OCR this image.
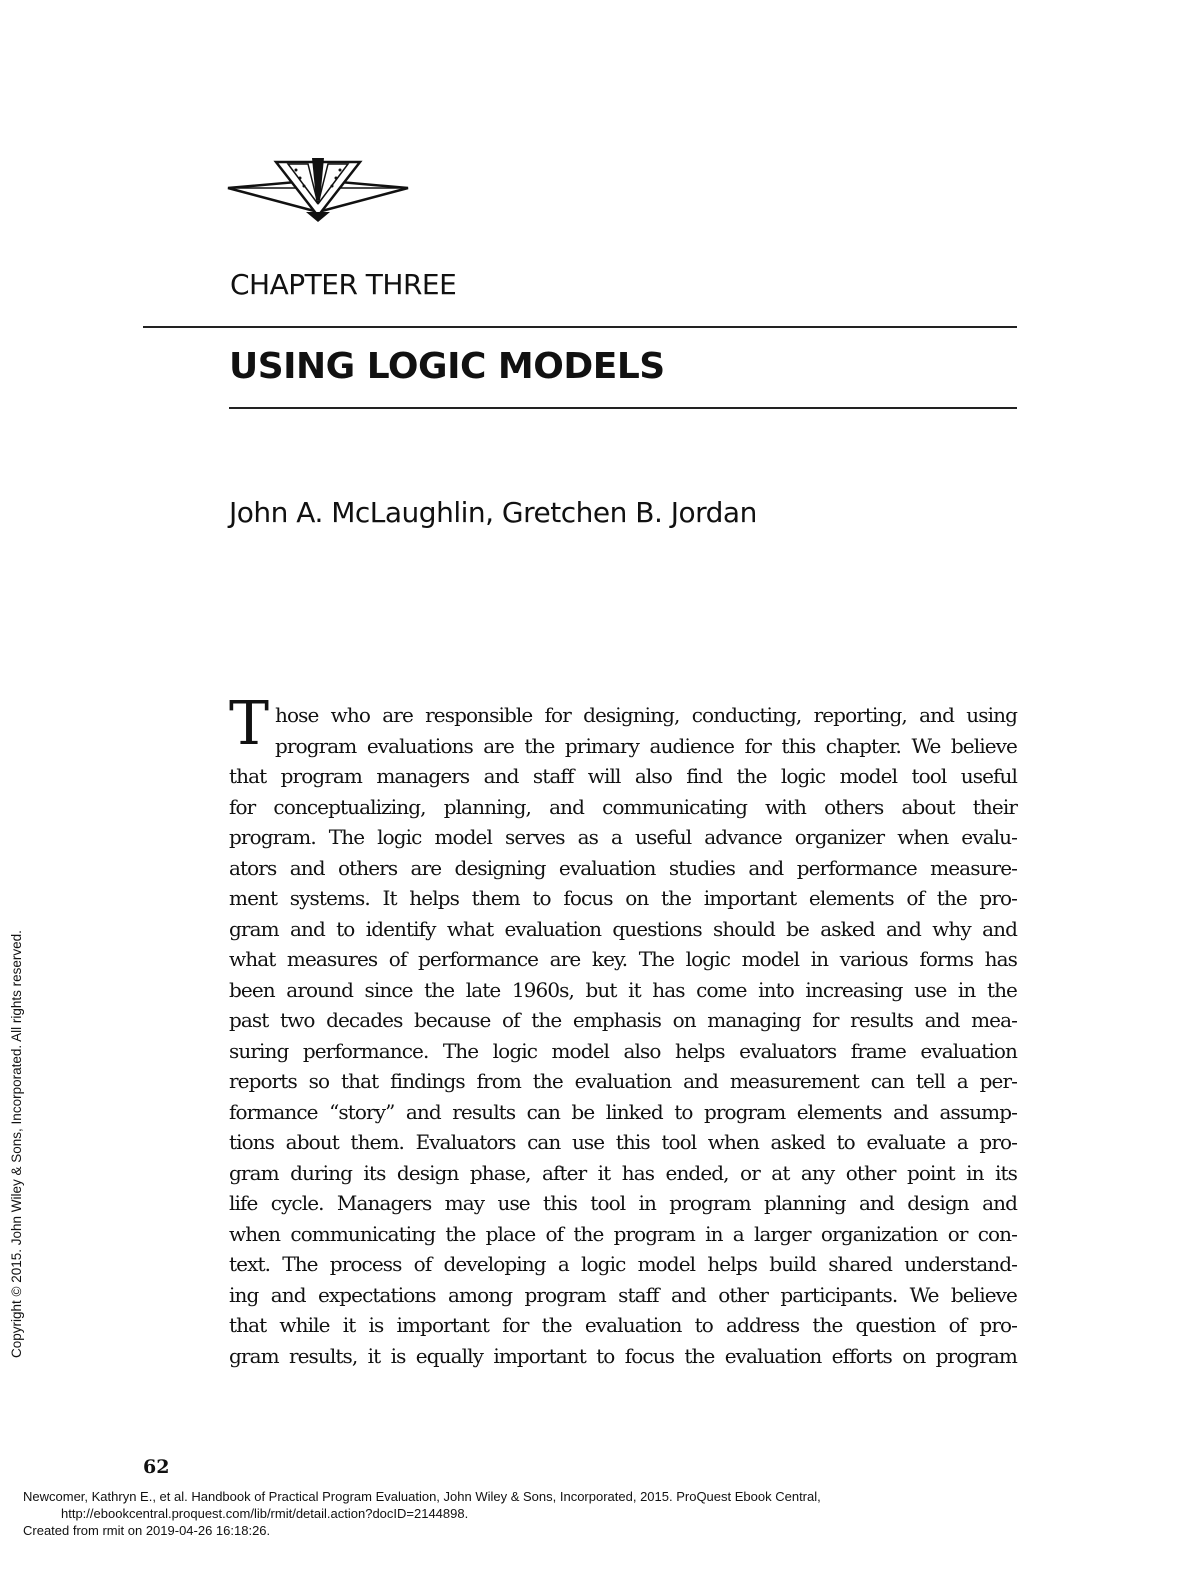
CHAPTER THREE
USING LOGIC MODELS
John A. McLaughlin, Gretchen B. Jordan
T hose who are responsible for designing, conducting, reporting, and using
program evaluations are the primary audience for this chapter. We believe
that program managers and staff will also find the logic model tool useful
for conceptualizing, planning, and communicating with others about their
program. The logic model serves as a useful advance organizer when evalu-
ators and others are designing evaluation studies and performance measure-
ment systems. It helps them to focus on the important elements of the pro-
gram and to identify what evaluation questions should be asked and why and
what measures of performance are key. The logic model in various forms has
been around since the late 1960s, but it has come into increasing use in the
past two decades because of the emphasis on managing for results and mea-
suring performance. The logic model also helps evaluators frame evaluation
reports so that findings from the evaluation and measurement can tell a per-
formance “story” and results can be linked to program elements and assump-
tions about them. Evaluators can use this tool when asked to evaluate a pro-
gram during its design phase, after it has ended, or at any other point in its
life cycle. Managers may use this tool in program planning and design and
when communicating the place of the program in a larger organization or con-
text. The process of developing a logic model helps build shared understand-
ing and expectations among program staff and other participants. We believe
that while it is important for the evaluation to address the question of pro-
gram results, it is equally important to focus the evaluation efforts on program
Copyright © 2015. John Wiley & Sons, Incorporated. All rights reserved.
62
Newcomer, Kathryn E., et al. Handbook of Practical Program Evaluation, John Wiley & Sons, Incorporated, 2015. ProQuest Ebook Central,
http://ebookcentral.proquest.com/lib/rmit/detail.action?docID=2144898.
Created from rmit on 2019-04-26 16:18:26.
